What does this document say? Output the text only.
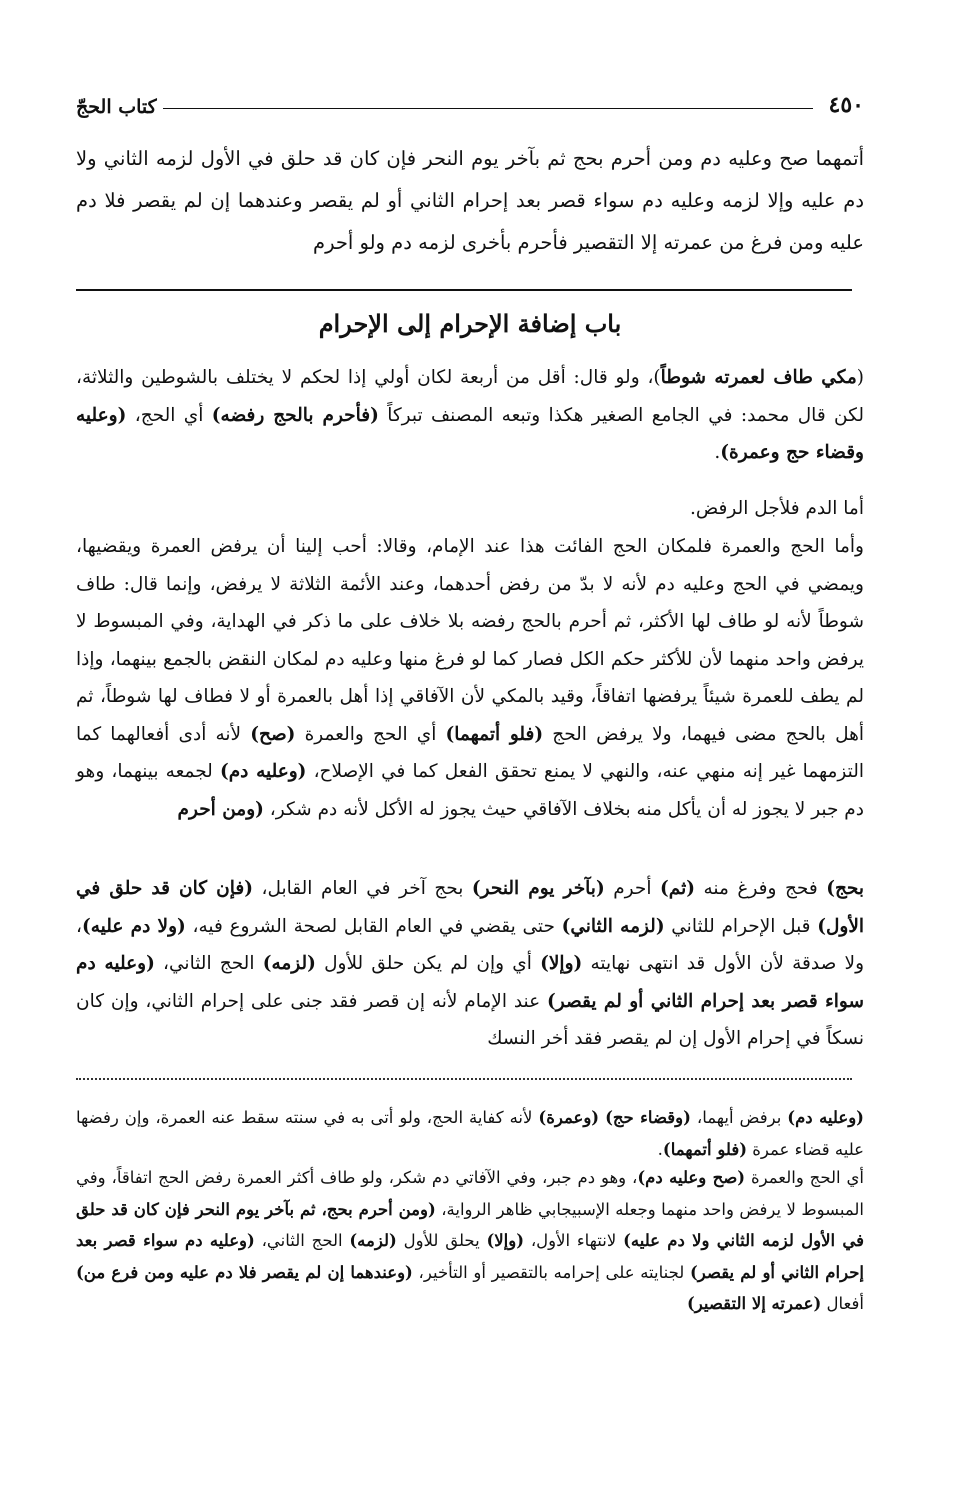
٤٥٠
كتاب الحجّ
أتمهما صح وعليه دم ومن أحرم بحج ثم بآخر يوم النحر فإن كان قد حلق في الأول لزمه الثاني ولا دم عليه وإلا لزمه وعليه دم سواء قصر بعد إحرام الثاني أو لم يقصر وعندهما إن لم يقصر فلا دم عليه ومن فرغ من عمرته إلا التقصير فأحرم بأخرى لزمه دم ولو أحرم
باب إضافة الإحرام إلى الإحرام

(مكي طاف لعمرته شوطاً)، ولو قال: أقل من أربعة لكان أولي إذا لحكم لا يختلف بالشوطين والثلاثة، لكن قال محمد: في الجامع الصغير هكذا وتبعه المصنف تبركاً (فأحرم بالحج رفضه) أي الحج، (وعليه وقضاء حج وعمرة).

أما الدم فلأجل الرفض.

وأما الحج والعمرة فلمكان الحج الفائت هذا عند الإمام، وقالا: أحب إلينا أن يرفض العمرة ويقضيها، ويمضي في الحج وعليه دم لأنه لا بدّ من رفض أحدهما، وعند الأئمة الثلاثة لا يرفض، وإنما قال: طاف شوطاً لأنه لو طاف لها الأكثر، ثم أحرم بالحج رفضه بلا خلاف على ما ذكر في الهداية، وفي المبسوط لا يرفض واحد منهما لأن للأكثر حكم الكل فصار كما لو فرغ منها وعليه دم لمكان النقض بالجمع بينهما، وإذا لم يطف للعمرة شيئاً يرفضها اتفاقاً، وقيد بالمكي لأن الآفاقي إذا أهل بالعمرة أو لا فطاف لها شوطاً، ثم أهل بالحج مضى فيهما، ولا يرفض الحج (فلو أتمهما) أي الحج والعمرة (صح) لأنه أدى أفعالهما كما التزمهما غير إنه منهي عنه، والنهي لا يمنع تحقق الفعل كما في الإصلاح، (وعليه دم) لجمعه بينهما، وهو دم جبر لا يجوز له أن يأكل منه بخلاف الآفاقي حيث يجوز له الأكل لأنه دم شكر، (ومن أحرم

بحج) فحج وفرغ منه (ثم) أحرم (بآخر يوم النحر) بحج آخر في العام القابل، (فإن كان قد حلق في الأول) قبل الإحرام للثاني (لزمه الثاني) حتى يقضي في العام القابل لصحة الشروع فيه، (ولا دم عليه)، ولا صدقة لأن الأول قد انتهى نهايته (وإلا) أي وإن لم يكن حلق للأول (لزمه) الحج الثاني، (وعليه دم سواء قصر بعد إحرام الثاني أو لم يقصر) عند الإمام لأنه إن قصر فقد جنى على إحرام الثاني، وإن كان نسكاً في إحرام الأول إن لم يقصر فقد أخر النسك

(وعليه دم) برفض أيهما، (وقضاء حج) (وعمرة) لأنه كفاية الحج، ولو أتى به في سنته سقط عنه العمرة، وإن رفضها عليه قضاء عمرة (فلو أتمهما).

أي الحج والعمرة (صح وعليه دم)، وهو دم جبر، وفي الآفاتي دم شكر، ولو طاف أكثر العمرة رفض الحج اتفاقاً، وفي المبسوط لا يرفض واحد منهما وجعله الإسبيجابي ظاهر الرواية، (ومن أحرم بحج، ثم بآخر يوم النحر فإن كان قد حلق في الأول لزمه الثاني ولا دم عليه) لانتهاء الأول، (وإلا) يحلق للأول (لزمه) الحج الثاني، (وعليه دم سواء قصر بعد إحرام الثاني أو لم يقصر) لجنايته على إحرامه بالتقصير أو التأخير، (وعندهما إن لم يقصر فلا دم عليه ومن فرع من) أفعال (عمرته إلا التقصير)
